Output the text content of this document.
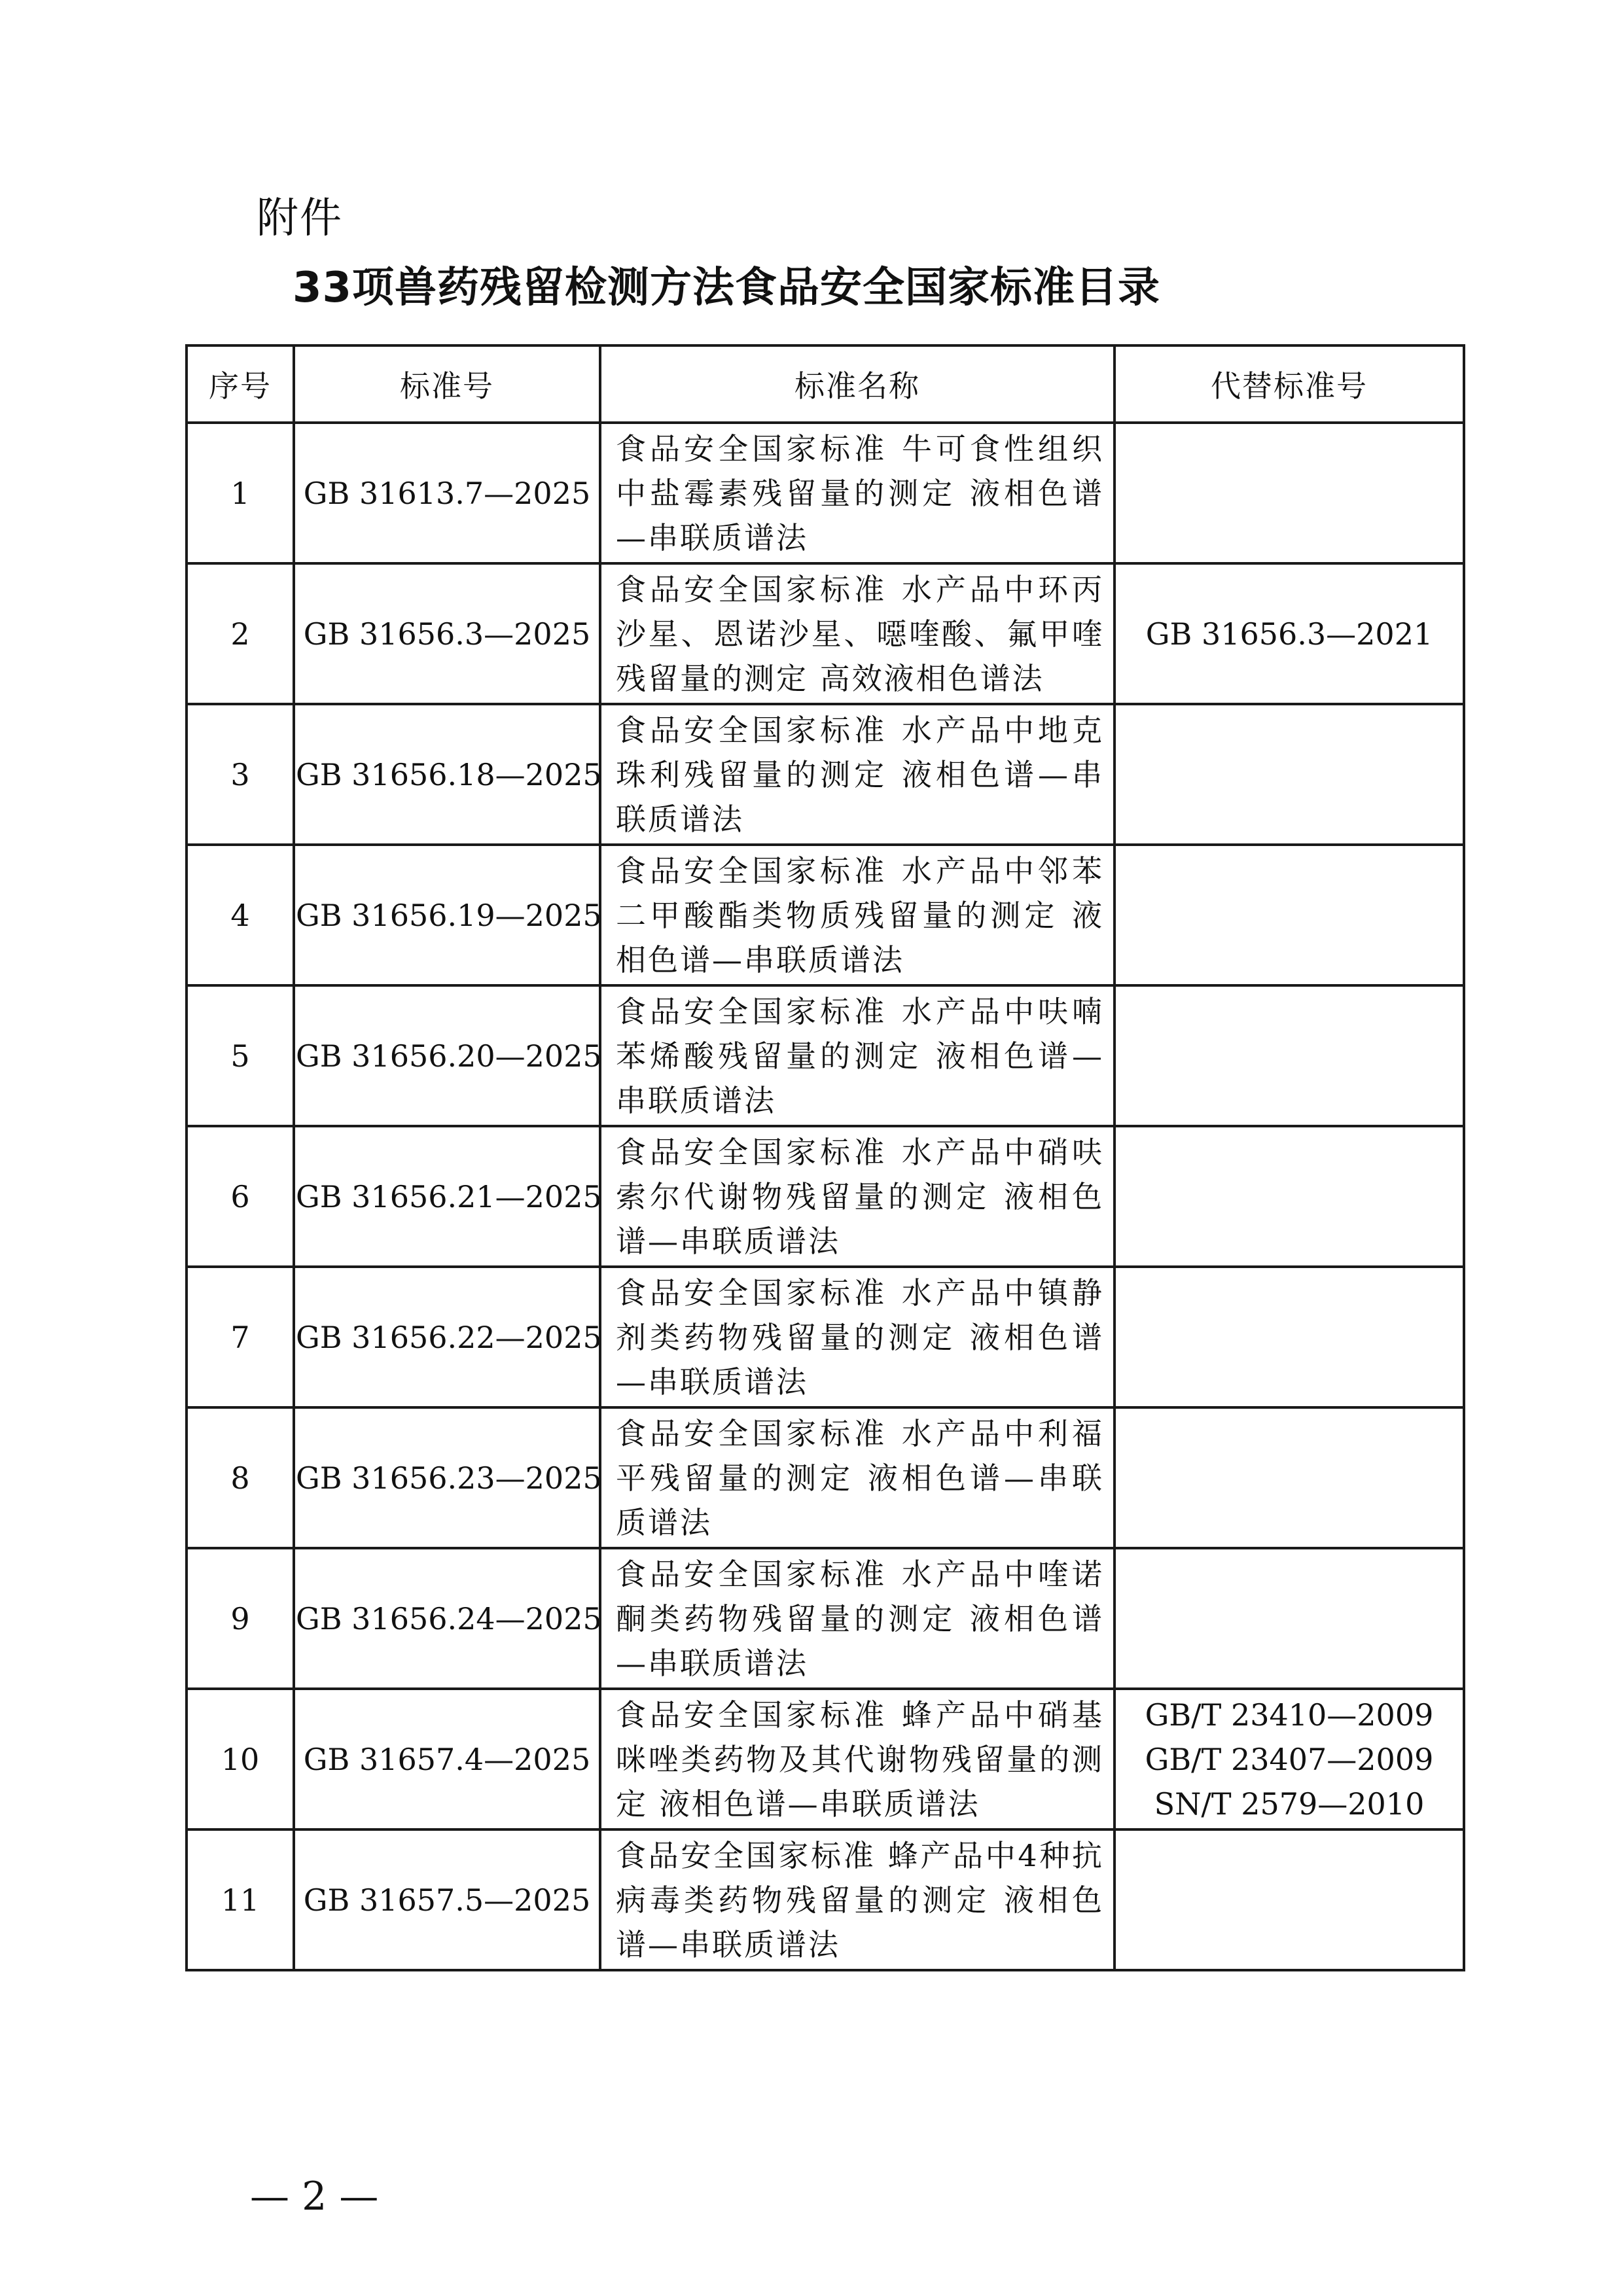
附件
33项兽药残留检测方法食品安全国家标准目录
序号	标准号	标准名称	代替标准号
1	GB 31613.7—2025	食品安全国家标准 牛可食性组织中盐霉素残留量的测定 液相色谱—串联质谱法	
2	GB 31656.3—2025	食品安全国家标准 水产品中环丙沙星、恩诺沙星、噁喹酸、氟甲喹残留量的测定 高效液相色谱法	GB 31656.3—2021

3	GB 31656.18—2025	食品安全国家标准 水产品中地克珠利残留量的测定 液相色谱—串联质谱法	
4	GB 31656.19—2025	食品安全国家标准 水产品中邻苯二甲酸酯类物质残留量的测定 液相色谱—串联质谱法	
5	GB 31656.20—2025	食品安全国家标准 水产品中呋喃苯烯酸残留量的测定 液相色谱—串联质谱法	
6	GB 31656.21—2025	食品安全国家标准 水产品中硝呋索尔代谢物残留量的测定 液相色谱—串联质谱法	
7	GB 31656.22—2025	食品安全国家标准 水产品中镇静剂类药物残留量的测定 液相色谱—串联质谱法	
8	GB 31656.23—2025	食品安全国家标准 水产品中利福平残留量的测定 液相色谱—串联质谱法	
9	GB 31656.24—2025	食品安全国家标准 水产品中喹诺酮类药物残留量的测定 液相色谱—串联质谱法	
10	GB 31657.4—2025	食品安全国家标准 蜂产品中硝基咪唑类药物及其代谢物残留量的测定 液相色谱—串联质谱法	GB/T 23410—2009
GB/T 23407—2009
SN/T 2579—2010

11	GB 31657.5—2025	食品安全国家标准 蜂产品中4种抗病毒类药物残留量的测定 液相色谱—串联质谱法	
— 2 —
